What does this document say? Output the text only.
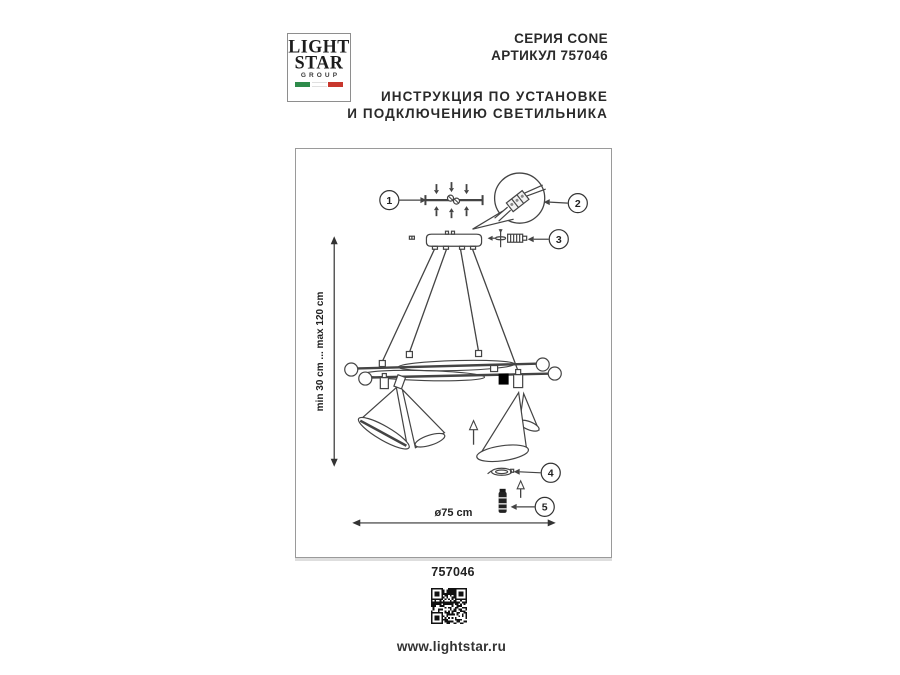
LIGHT
STAR
GROUP
СЕРИЯ CONE
АРТИКУЛ 757046
ИНСТРУКЦИЯ ПО УСТАНОВКЕ
И ПОДКЛЮЧЕНИЮ СВЕТИЛЬНИКА
1	2
3
min 30 cm ... max 120 cm
4
5
ø75 cm
757046
www.lightstar.ru
